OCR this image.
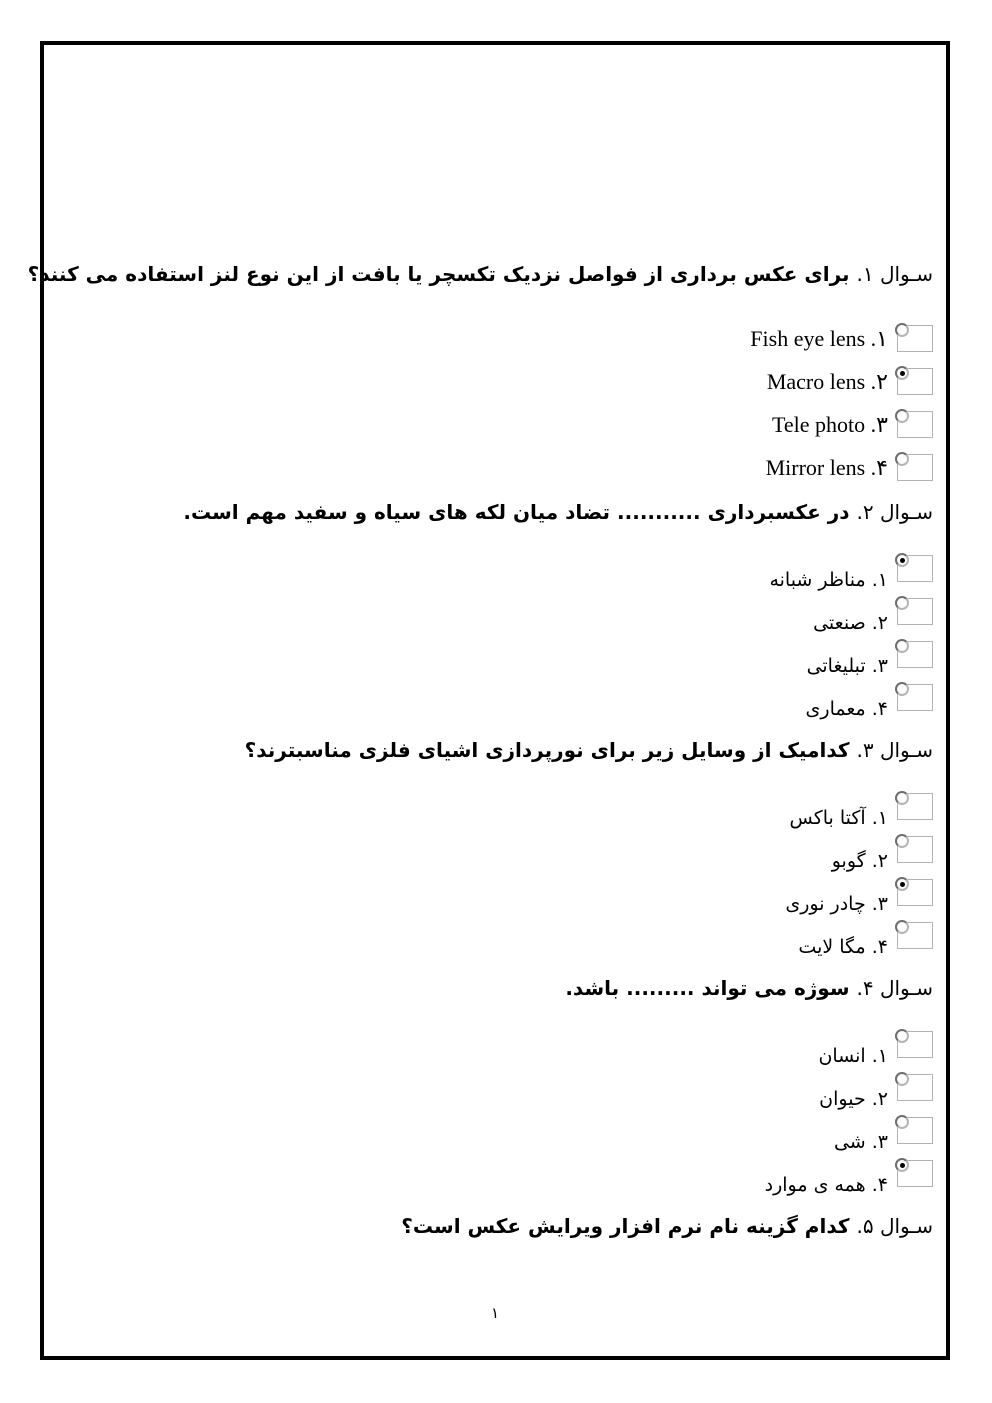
سـوال ۱. برای عکس برداری از فواصل نزدیک تکسچر یا بافت از این نوع لنز استفاده می کنند؟
۱. Fish eye lens
۲. Macro lens
۳. Tele photo
۴. Mirror lens
سـوال ۲. در عکسبرداری ........... تضاد میان لکه های سیاه و سفید مهم است.
۱. مناظر شبانه
۲. صنعتی
۳. تبلیغاتی
۴. معماری
سـوال ۳. کدامیک از وسایل زیر برای نورپردازی اشیای فلزی مناسبترند؟
۱. آکتا باکس
۲. گوبو
۳. چادر نوری
۴. مگا لایت
سـوال ۴. سوژه می تواند ......... باشد.
۱. انسان
۲. حیوان
۳. شی
۴. همه ی موارد
سـوال ۵. کدام گزینه نام نرم افزار ویرایش عکس است؟
۱
